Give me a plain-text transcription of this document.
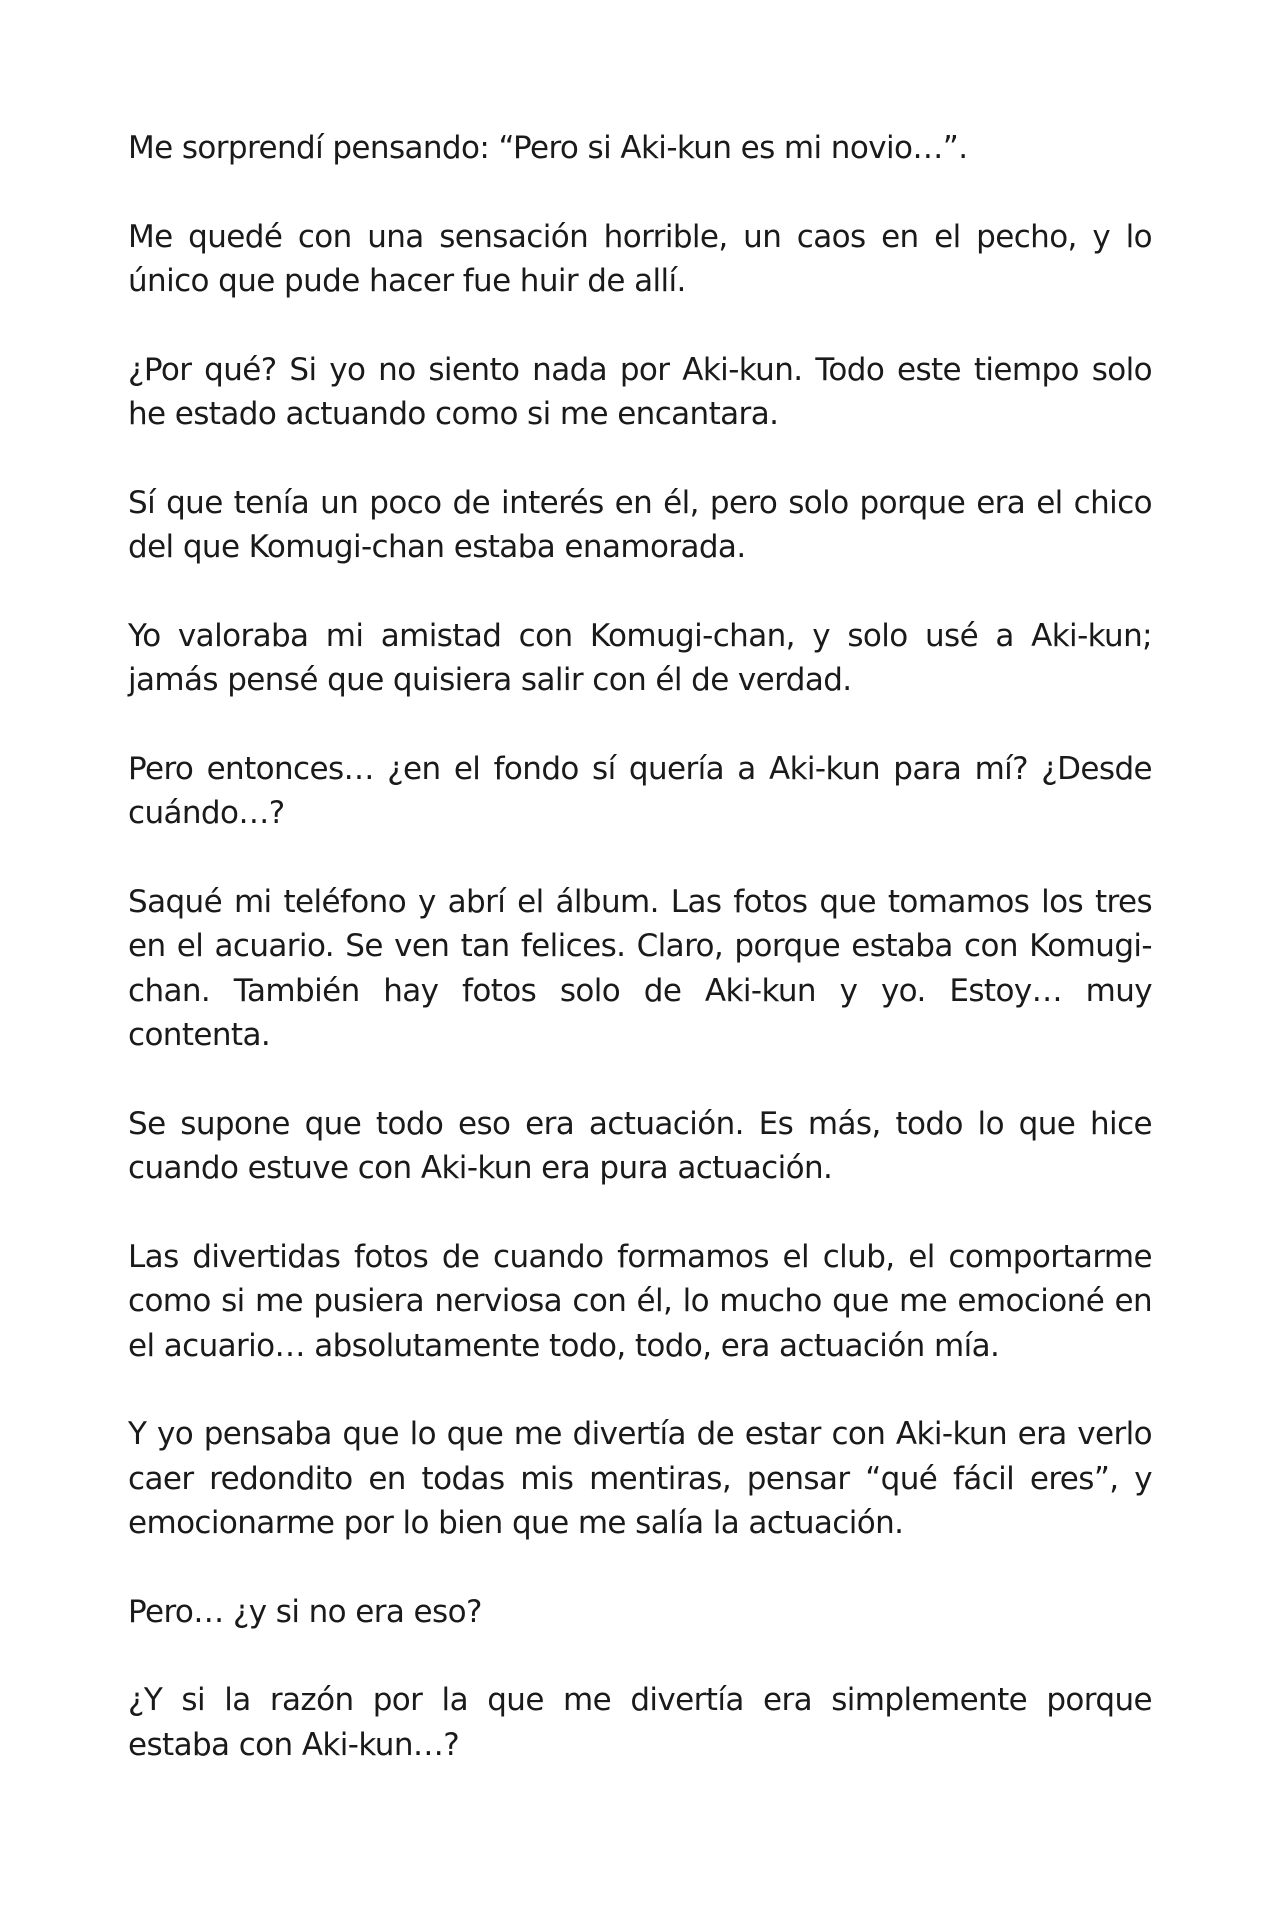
Me sorprendí pensando: “Pero si Aki-kun es mi novio…”.

Me quedé con una sensación horrible, un caos en el pecho, y lo único que pude hacer fue huir de allí.

¿Por qué? Si yo no siento nada por Aki-kun. Todo este tiempo solo he estado actuando como si me encantara.

Sí que tenía un poco de interés en él, pero solo porque era el chico del que Komugi-chan estaba enamorada.

Yo valoraba mi amistad con Komugi-chan, y solo usé a Aki-kun; jamás pensé que quisiera salir con él de verdad.

Pero entonces… ¿en el fondo sí quería a Aki-kun para mí? ¿Desde cuándo…?

Saqué mi teléfono y abrí el álbum. Las fotos que tomamos los tres en el acuario. Se ven tan felices. Claro, porque estaba con Komugi-chan. También hay fotos solo de Aki-kun y yo. Estoy… muy contenta.

Se supone que todo eso era actuación. Es más, todo lo que hice cuando estuve con Aki-kun era pura actuación.

Las divertidas fotos de cuando formamos el club, el comportarme como si me pusiera nerviosa con él, lo mucho que me emocioné en el acuario… absolutamente todo, todo, era actuación mía.

Y yo pensaba que lo que me divertía de estar con Aki-kun era verlo caer redondito en todas mis mentiras, pensar “qué fácil eres”, y emocionarme por lo bien que me salía la actuación.

Pero… ¿y si no era eso?

¿Y si la razón por la que me divertía era simplemente porque estaba con Aki-kun…?
